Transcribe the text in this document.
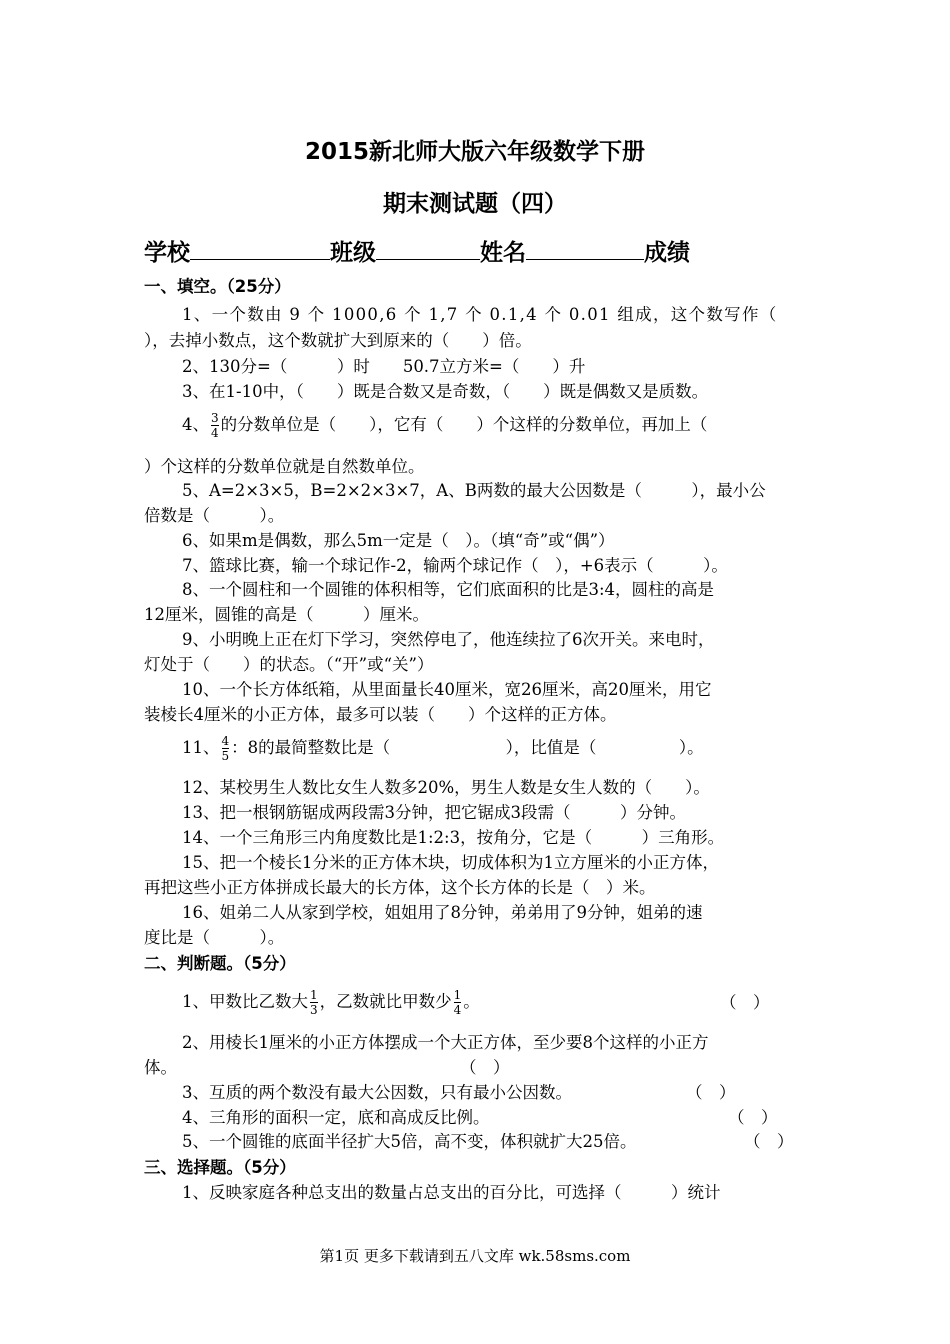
2015新北师大版六年级数学下册
期末测试题（四）
学校	班级	姓名	成绩
一、填空。（25分）
1、一个数由 9 个 1000,6 个 1,7 个 0.1,4 个 0.01 组成，这个数写作（
），去掉小数点，这个数就扩大到原来的（　　）倍。
2、130分=（　　　）时　　50.7立方米=（　　）升
3、在1-10中，（　　）既是合数又是奇数，（　　）既是偶数又是质数。
4、 $\frac{3}{4}$ 的分数单位是（　　），它有（　　）个这样的分数单位，再加上（
）个这样的分数单位就是自然数单位。
5、A=2×3×5，B=2×2×3×7，A、B两数的最大公因数是（　　　），最小公
倍数是（　　　）。
6、如果m是偶数，那么5m一定是（　）。（填“奇”或“偶”）
7、篮球比赛，输一个球记作-2，输两个球记作（　），+6表示（　　　）。
8、一个圆柱和一个圆锥的体积相等，它们底面积的比是3:4，圆柱的高是
12厘米，圆锥的高是（　　　）厘米。
9、小明晚上正在灯下学习，突然停电了，他连续拉了6次开关。来电时，
灯处于（　　）的状态。（“开”或“关”）
10、一个长方体纸箱，从里面量长40厘米，宽26厘米，高20厘米，用它
装棱长4厘米的小正方体，最多可以装（　　）个这样的正方体。
11、 $\frac{4}{5}$ ：8的最简整数比是（　　　　　　　），比值是（　　　　　）。
12、某校男生人数比女生人数多20%，男生人数是女生人数的（　　）。
13、把一根钢筋锯成两段需3分钟，把它锯成3段需（　　　）分钟。
14、一个三角形三内角度数比是1:2:3，按角分，它是（　　　）三角形。
15、把一个棱长1分米的正方体木块，切成体积为1立方厘米的小正方体，
再把这些小正方体拼成长最大的长方体，这个长方体的长是（　）米。
16、姐弟二人从家到学校，姐姐用了8分钟，弟弟用了9分钟，姐弟的速
度比是（　　　）。
二、判断题。（5分）
1、甲数比乙数大 $\frac{1}{3}$ ，乙数就比甲数少 $\frac{1}{4}$ 。	（　）
2、用棱长1厘米的小正方体摆成一个大正方体，至少要8个这样的小正方
体。	（　）
3、互质的两个数没有最大公因数，只有最小公因数。	（　）
4、三角形的面积一定，底和高成反比例。	（　）
5、一个圆锥的底面半径扩大5倍，高不变，体积就扩大25倍。	（　）
三、选择题。（5分）
1、反映家庭各种总支出的数量占总支出的百分比，可选择（　　　）统计
第1页 更多下载请到五八文库 wk.58sms.com
